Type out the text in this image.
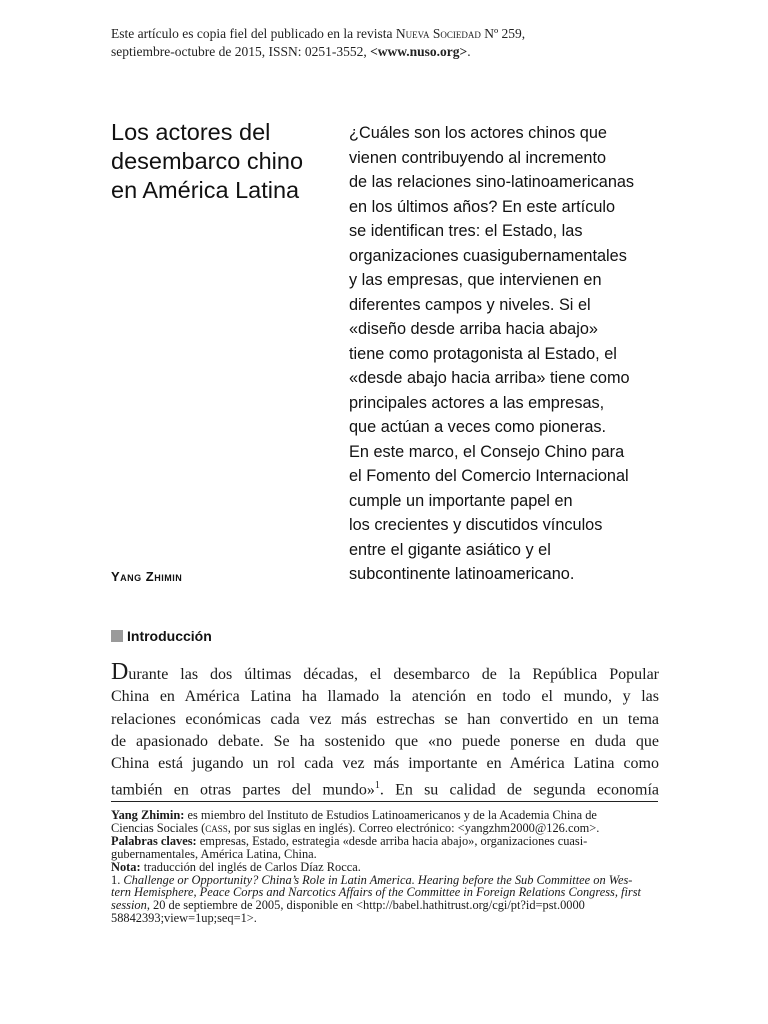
Este artículo es copia fiel del publicado en la revista Nueva Sociedad Nº 259,

septiembre-octubre de 2015, ISSN: 0251-3552, <www.nuso.org>.

Los actores del
desembarco chino
en América Latina
¿Cuáles son los actores chinos que
vienen contribuyendo al incremento
de las relaciones sino-latinoamericanas
en los últimos años? En este artículo
se identifican tres: el Estado, las
organizaciones cuasigubernamentales
y las empresas, que intervienen en
diferentes campos y niveles. Si el
«diseño desde arriba hacia abajo»
tiene como protagonista al Estado, el
«desde abajo hacia arriba» tiene como
principales actores a las empresas,
que actúan a veces como pioneras.
En este marco, el Consejo Chino para
el Fomento del Comercio Internacional
cumple un importante papel en
los crecientes y discutidos vínculos
entre el gigante asiático y el
subcontinente latinoamericano.
Yang Zhimin
Introducción
Durante las dos últimas décadas, el desembarco de la República Popular
China en América Latina ha llamado la atención en todo el mundo, y las
relaciones económicas cada vez más estrechas se han convertido en un tema
de apasionado debate. Se ha sostenido que «no puede ponerse en duda que
China está jugando un rol cada vez más importante en América Latina como
también en otras partes del mundo»$^1$. En su calidad de segunda economía
Yang Zhimin: es miembro del Instituto de Estudios Latinoamericanos y de la Academia China de
Ciencias Sociales (cass, por sus siglas en inglés). Correo electrónico: <yangzhm2000@126.com>.
Palabras claves: empresas, Estado, estrategia «desde arriba hacia abajo», organizaciones cuasi-
gubernamentales, América Latina, China.
Nota: traducción del inglés de Carlos Díaz Rocca.
1. Challenge or Opportunity? China’s Role in Latin America. Hearing before the Sub Committee on Wes-
tern Hemisphere, Peace Corps and Narcotics Affairs of the Committee in Foreign Relations Congress, first
session, 20 de septiembre de 2005, disponible en <http://babel.hathitrust.org/cgi/pt?id=pst.0000
58842393;view=1up;seq=1>.
